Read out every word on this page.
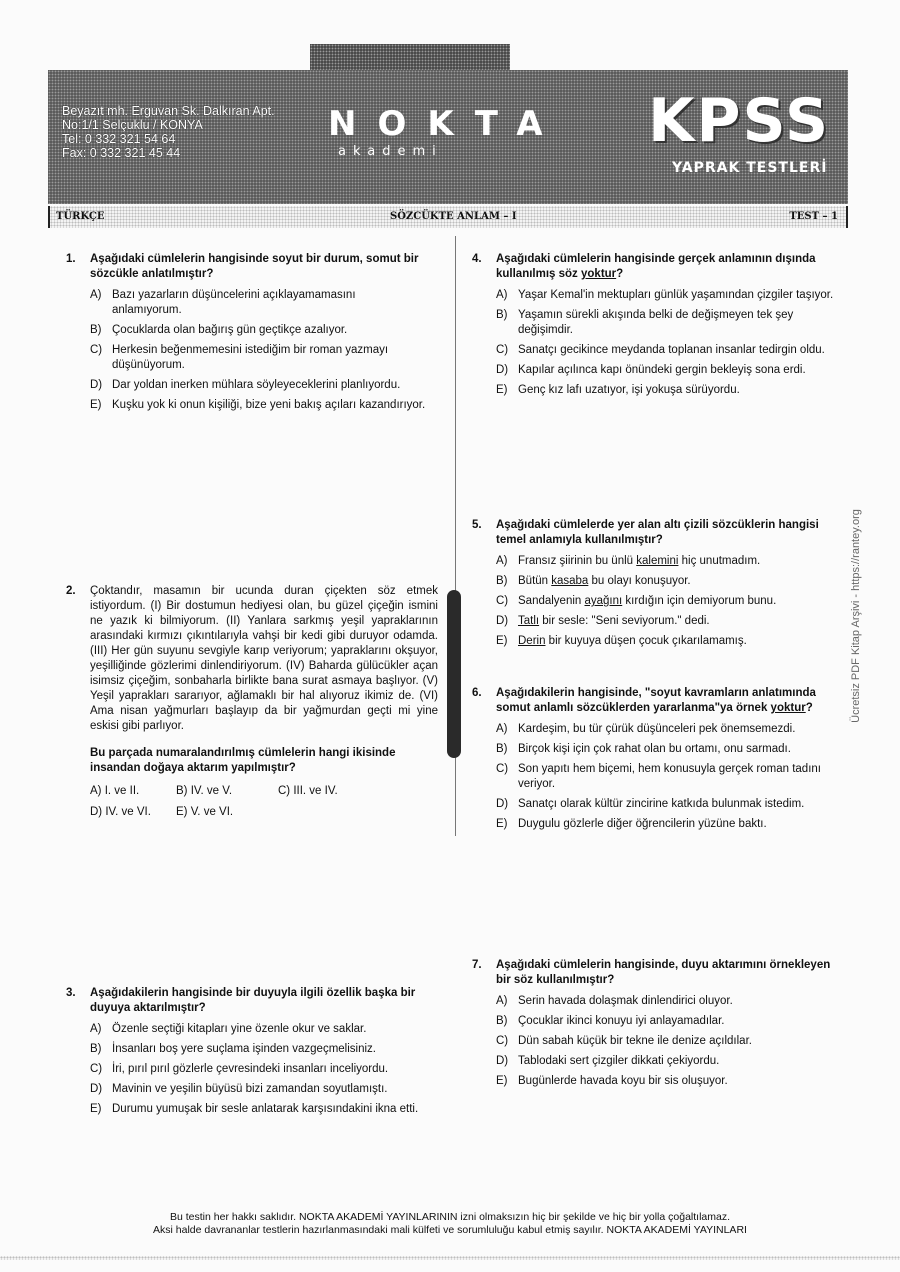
Beyazıt mh. Erguvan Sk. Dalkıran Apt.
No:1/1 Selçuklu / KONYA
Tel: 0 332 321 54 64
Fax: 0 332 321 45 44
NOKTA
akademi	KPSS
YAPRAK TESTLERİ
TÜRKÇE	SÖZCÜKTE ANLAM – I	TEST – 1
1. Aşağıdaki cümlelerin hangisinde soyut bir durum, somut bir sözcükle anlatılmıştır?
A) Bazı yazarların düşüncelerini açıklayamamasını anlamıyorum.
B) Çocuklarda olan bağırış gün geçtikçe azalıyor.
C) Herkesin beğenmemesini istediğim bir roman yazmayı düşünüyorum.
D) Dar yoldan inerken mühlara söyleyeceklerini planlıyordu.
E) Kuşku yok ki onun kişiliği, bize yeni bakış açıları kazandırıyor.
2. Çoktandır, masamın bir ucunda duran çiçekten söz etmek istiyordum. (I) Bir dostumun hediyesi olan, bu güzel çiçeğin ismini ne yazık ki bilmiyorum. (II) Yanlara sarkmış yeşil yapraklarının arasındaki kırmızı çıkıntılarıyla vahşi bir kedi gibi duruyor odamda. (III) Her gün suyunu sevgiyle karıp veriyorum; yapraklarını okşuyor, yeşilliğinde gözlerimi dinlendiriyorum. (IV) Baharda gülücükler açan isimsiz çiçeğim, sonbaharla birlikte bana surat asmaya başlıyor. (V) Yeşil yaprakları sararıyor, ağlamaklı bir hal alıyoruz ikimiz de. (VI) Ama nisan yağmurları başlayıp da bir yağmurdan geçti mi yine eskisi gibi parlıyor.
Bu parçada numaralandırılmış cümlelerin hangi ikisinde insandan doğaya aktarım yapılmıştır?
A) I. ve II.	B) IV. ve V.	C) III. ve IV.
D) IV. ve VI.	E) V. ve VI.
3. Aşağıdakilerin hangisinde bir duyuyla ilgili özellik başka bir duyuya aktarılmıştır?
A) Özenle seçtiği kitapları yine özenle okur ve saklar.
B) İnsanları boş yere suçlama işinden vazgeçmelisiniz.
C) İri, pırıl pırıl gözlerle çevresindeki insanları inceliyordu.
D) Mavinin ve yeşilin büyüsü bizi zamandan soyutlamıştı.
E) Durumu yumuşak bir sesle anlatarak karşısındakini ikna etti.
4. Aşağıdaki cümlelerin hangisinde gerçek anlamının dışında kullanılmış söz yoktur?
A) Yaşar Kemal'in mektupları günlük yaşamından çizgiler taşıyor.
B) Yaşamın sürekli akışında belki de değişmeyen tek şey değişimdir.
C) Sanatçı gecikince meydanda toplanan insanlar tedirgin oldu.
D) Kapılar açılınca kapı önündeki gergin bekleyiş sona erdi.
E) Genç kız lafı uzatıyor, işi yokuşa sürüyordu.
5. Aşağıdaki cümlelerde yer alan altı çizili sözcüklerin hangisi temel anlamıyla kullanılmıştır?
A) Fransız şiirinin bu ünlü kalemini hiç unutmadım.
B) Bütün kasaba bu olayı konuşuyor.
C) Sandalyenin ayağını kırdığın için demiyorum bunu.
D) Tatlı bir sesle: "Seni seviyorum." dedi.
E) Derin bir kuyuya düşen çocuk çıkarılamamış.
6. Aşağıdakilerin hangisinde, "soyut kavramların anlatımında somut anlamlı sözcüklerden yararlanma"ya örnek yoktur?
A) Kardeşim, bu tür çürük düşünceleri pek önemsemezdi.
B) Birçok kişi için çok rahat olan bu ortamı, onu sarmadı.
C) Son yapıtı hem biçemi, hem konusuyla gerçek roman tadını veriyor.
D) Sanatçı olarak kültür zincirine katkıda bulunmak istedim.
E) Duygulu gözlerle diğer öğrencilerin yüzüne baktı.
7. Aşağıdaki cümlelerin hangisinde, duyu aktarımını örnekleyen bir söz kullanılmıştır?
A) Serin havada dolaşmak dinlendirici oluyor.
B) Çocuklar ikinci konuyu iyi anlayamadılar.
C) Dün sabah küçük bir tekne ile denize açıldılar.
D) Tablodaki sert çizgiler dikkati çekiyordu.
E) Bugünlerde havada koyu bir sis oluşuyor.
Ücretsiz PDF Kitap Arşivi - https://rantey.org
Bu testin her hakkı saklıdır. NOKTA AKADEMİ YAYINLARININ izni olmaksızın hiç bir şekilde ve hiç bir yolla çoğaltılamaz.
Aksi halde davrananlar testlerin hazırlanmasındaki mali külfeti ve sorumluluğu kabul etmiş sayılır. NOKTA AKADEMİ YAYINLARI
